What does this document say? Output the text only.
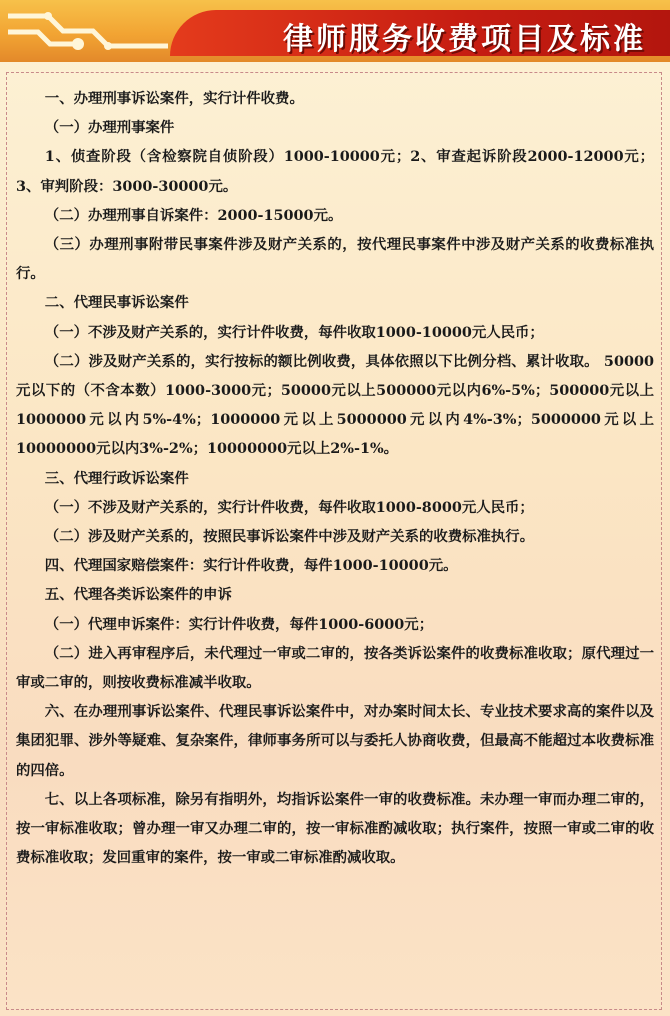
律师服务收费项目及标准

一、办理刑事诉讼案件，实行计件收费。

（一）办理刑事案件

1、侦查阶段（含检察院自侦阶段）1000-10000元；2、审查起诉阶段2000-12000元；3、审判阶段：3000-30000元。

（二）办理刑事自诉案件：2000-15000元。

（三）办理刑事附带民事案件涉及财产关系的，按代理民事案件中涉及财产关系的收费标准执行。

二、代理民事诉讼案件

（一）不涉及财产关系的，实行计件收费，每件收取1000-10000元人民币；

（二）涉及财产关系的，实行按标的额比例收费，具体依照以下比例分档、累计收取。 50000元以下的（不含本数）1000-3000元；50000元以上500000元以内6%-5%；500000元以上1000000元以内5%-4%；1000000元以上5000000元以内4%-3%；5000000元以上10000000元以内3%-2%；10000000元以上2%-1%。

三、代理行政诉讼案件

（一）不涉及财产关系的，实行计件收费，每件收取1000-8000元人民币；

（二）涉及财产关系的，按照民事诉讼案件中涉及财产关系的收费标准执行。

四、代理国家赔偿案件：实行计件收费，每件1000-10000元。

五、代理各类诉讼案件的申诉

（一）代理申诉案件：实行计件收费，每件1000-6000元；

（二）进入再审程序后，未代理过一审或二审的，按各类诉讼案件的收费标准收取；原代理过一审或二审的，则按收费标准减半收取。

六、在办理刑事诉讼案件、代理民事诉讼案件中，对办案时间太长、专业技术要求高的案件以及集团犯罪、涉外等疑难、复杂案件，律师事务所可以与委托人协商收费，但最高不能超过本收费标准的四倍。

七、以上各项标准，除另有指明外，均指诉讼案件一审的收费标准。未办理一审而办理二审的，按一审标准收取；曾办理一审又办理二审的，按一审标准酌减收取；执行案件，按照一审或二审的收费标准收取；发回重审的案件，按一审或二审标准酌减收取。
